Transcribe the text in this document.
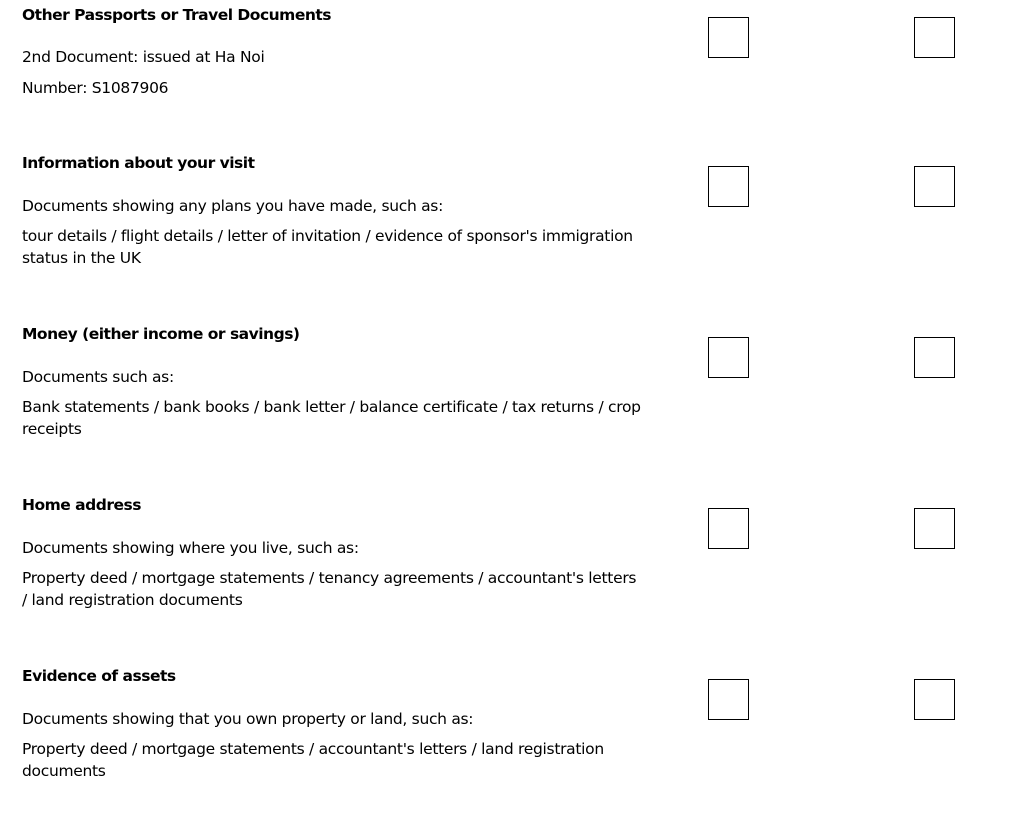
Other Passports or Travel Documents
2nd Document: issued at Ha Noi
Number: S1087906
Information about your visit
Documents showing any plans you have made, such as:
tour details / flight details / letter of invitation / evidence of sponsor's immigration status in the UK
Money (either income or savings)
Documents such as:
Bank statements / bank books / bank letter / balance certificate / tax returns / crop receipts
Home address
Documents showing where you live, such as:
Property deed / mortgage statements / tenancy agreements / accountant's letters / land registration documents
Evidence of assets
Documents showing that you own property or land, such as:
Property deed / mortgage statements / accountant's letters / land registration documents
